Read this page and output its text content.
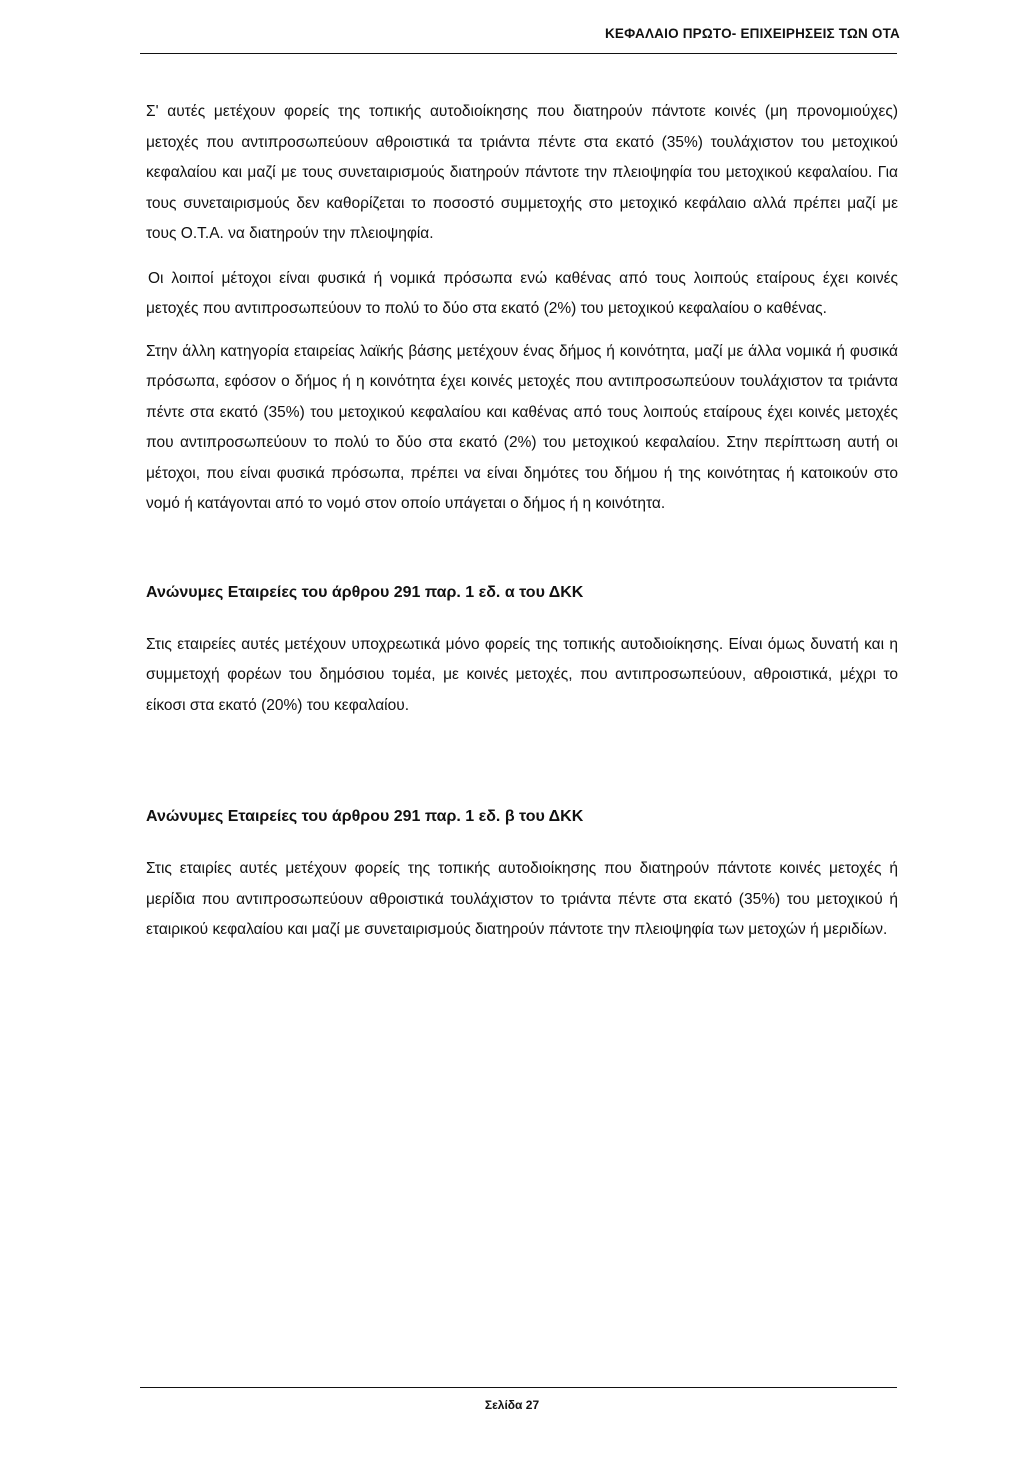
ΚΕΦΑΛΑΙΟ ΠΡΩΤΟ- ΕΠΙΧΕΙΡΗΣΕΙΣ ΤΩΝ ΟΤΑ

Σ' αυτές μετέχουν φορείς της τοπικής αυτοδιοίκησης που διατηρούν πάντοτε κοινές (μη προνομιούχες) μετοχές που αντιπροσωπεύουν αθροιστικά τα τριάντα πέντε στα εκατό (35%) τουλάχιστον του μετοχικού κεφαλαίου και μαζί με τους συνεταιρισμούς διατηρούν πάντοτε την πλειοψηφία του μετοχικού κεφαλαίου. Για τους συνεταιρισμούς δεν καθορίζεται το ποσοστό συμμετοχής στο μετοχικό κεφάλαιο αλλά πρέπει μαζί με τους Ο.Τ.Α. να διατηρούν την πλειοψηφία.

Οι λοιποί μέτοχοι είναι φυσικά ή νομικά πρόσωπα ενώ καθένας από τους λοιπούς εταίρους έχει κοινές μετοχές που αντιπροσωπεύουν το πολύ το δύο στα εκατό (2%) του μετοχικού κεφαλαίου ο καθένας.

Στην άλλη κατηγορία εταιρείας λαϊκής βάσης μετέχουν ένας δήμος ή κοινότητα, μαζί με άλλα νομικά ή φυσικά πρόσωπα, εφόσον ο δήμος ή η κοινότητα έχει κοινές μετοχές που αντιπροσωπεύουν τουλάχιστον τα τριάντα πέντε στα εκατό (35%) του μετοχικού κεφαλαίου και καθένας από τους λοιπούς εταίρους έχει κοινές μετοχές που αντιπροσωπεύουν το πολύ το δύο στα εκατό (2%) του μετοχικού κεφαλαίου. Στην περίπτωση αυτή οι μέτοχοι, που είναι φυσικά πρόσωπα, πρέπει να είναι δημότες του δήμου ή της κοινότητας ή κατοικούν στο νομό ή κατάγονται από το νομό στον οποίο υπάγεται ο δήμος ή η κοινότητα.

Ανώνυμες Εταιρείες του άρθρου 291 παρ. 1 εδ. α του ΔΚΚ

Στις εταιρείες αυτές μετέχουν υποχρεωτικά μόνο φορείς της τοπικής αυτοδιοίκησης. Είναι όμως δυνατή και η συμμετοχή φορέων του δημόσιου τομέα, με κοινές μετοχές, που αντιπροσωπεύουν, αθροιστικά, μέχρι το είκοσι στα εκατό (20%) του κεφαλαίου.

Ανώνυμες Εταιρείες του άρθρου 291 παρ. 1 εδ. β του ΔΚΚ

Στις εταιρίες αυτές μετέχουν φορείς της τοπικής αυτοδιοίκησης που διατηρούν πάντοτε κοινές μετοχές ή μερίδια που αντιπροσωπεύουν αθροιστικά τουλάχιστον το τριάντα πέντε στα εκατό (35%) του μετοχικού ή εταιρικού κεφαλαίου και μαζί με συνεταιρισμούς διατηρούν πάντοτε την πλειοψηφία των μετοχών ή μεριδίων.

Σελίδα 27
